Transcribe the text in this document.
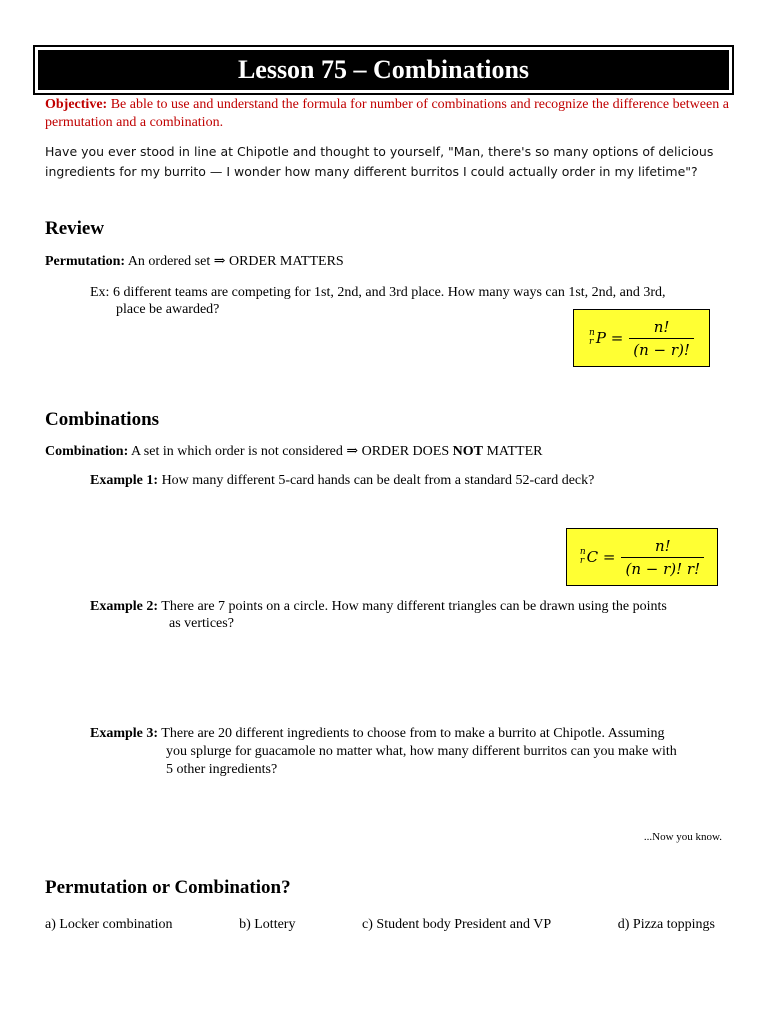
Lesson 75 – Combinations
Objective: Be able to use and understand the formula for number of combinations and recognize the difference between a permutation and a combination.
Have you ever stood in line at Chipotle and thought to yourself, "Man, there's so many options of delicious ingredients for my burrito — I wonder how many different burritos I could actually order in my lifetime"?
Review
Permutation: An ordered set ⇒ ORDER MATTERS
Ex: 6 different teams are competing for 1st, 2nd, and 3rd place. How many ways can 1st, 2nd, and 3rd,
place be awarded?
n
r $P = \frac{n!}{(n - r)!}$
Combinations
Combination: A set in which order is not considered ⇒ ORDER DOES NOT MATTER
Example 1: How many different 5-card hands can be dealt from a standard 52-card deck?
n
r $C = \frac{n!}{(n - r)! r!}$
Example 2: There are 7 points on a circle. How many different triangles can be drawn using the points
as vertices?
Example 3: There are 20 different ingredients to choose from to make a burrito at Chipotle. Assuming
you splurge for guacamole no matter what, how many different burritos can you make with
5 other ingredients?
...Now you know.
Permutation or Combination?
a) Locker combination	b) Lottery	c) Student body President and VP	d) Pizza toppings
